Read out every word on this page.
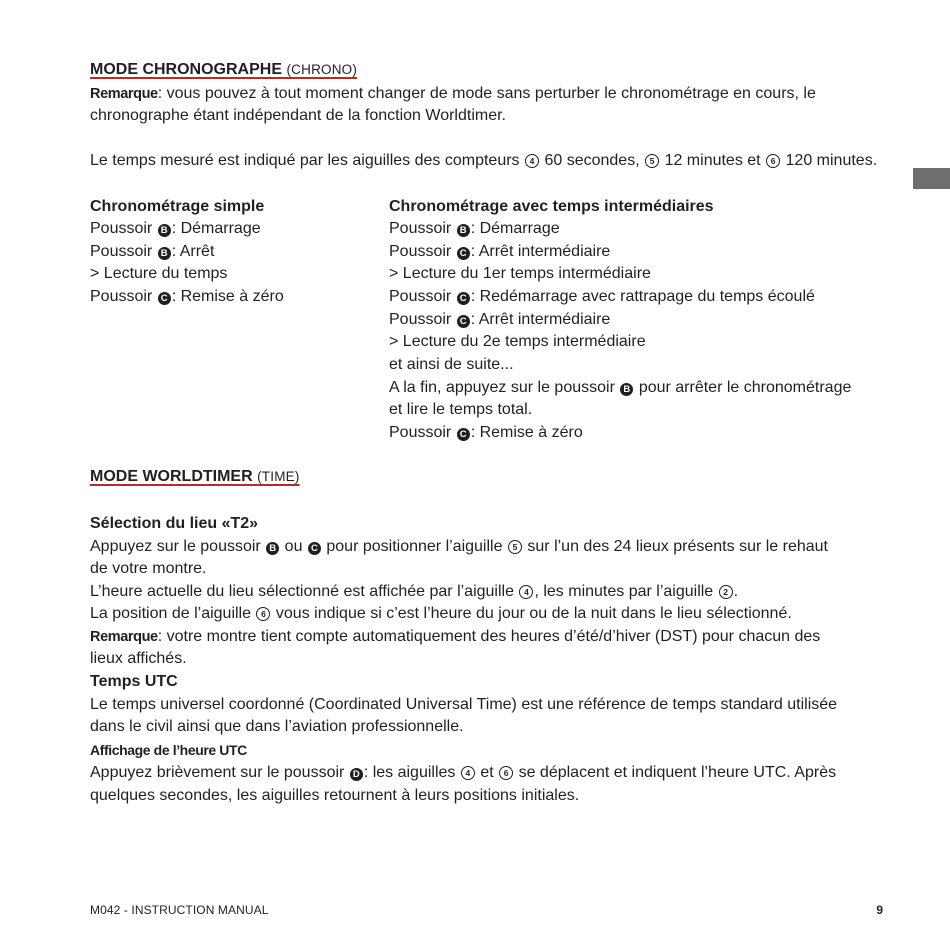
MODE CHRONOGRAPHE (CHRONO)
Remarque: vous pouvez à tout moment changer de mode sans perturber le chronométrage en cours, le
chronographe étant indépendant de la fonction Worldtimer.
Le temps mesuré est indiqué par les aiguilles des compteurs 4 60 secondes, 5 12 minutes et 6 120 minutes.
Chronométrage simple
Poussoir B : Démarrage
Poussoir B : Arrêt
> Lecture du temps
Poussoir C : Remise à zéro
Chronométrage avec temps intermédiaires
Poussoir B : Démarrage
Poussoir C : Arrêt intermédiaire
> Lecture du 1er temps intermédiaire
Poussoir C : Redémarrage avec rattrapage du temps écoulé
Poussoir C : Arrêt intermédiaire
> Lecture du 2e temps intermédiaire
et ainsi de suite...
A la fin, appuyez sur le poussoir B pour arrêter le chronométrage
et lire le temps total.
Poussoir C : Remise à zéro
MODE WORLDTIMER (TIME)
Sélection du lieu «T2»
Appuyez sur le poussoir B ou C pour positionner l’aiguille 5 sur l’un des 24 lieux présents sur le rehaut
de votre montre.
L’heure actuelle du lieu sélectionné est affichée par l’aiguille 4 , les minutes par l’aiguille 2 .
La position de l’aiguille 6 vous indique si c’est l’heure du jour ou de la nuit dans le lieu sélectionné.
Remarque: votre montre tient compte automatiquement des heures d’été/d’hiver (DST) pour chacun des
lieux affichés.
Temps UTC
Le temps universel coordonné (Coordinated Universal Time) est une référence de temps standard utilisée
dans le civil ainsi que dans l’aviation professionnelle.
Affichage de l’heure UTC
Appuyez brièvement sur le poussoir D : les aiguilles 4 et 6 se déplacent et indiquent l’heure UTC. Après
quelques secondes, les aiguilles retournent à leurs positions initiales.
M042 - INSTRUCTION MANUAL	9
